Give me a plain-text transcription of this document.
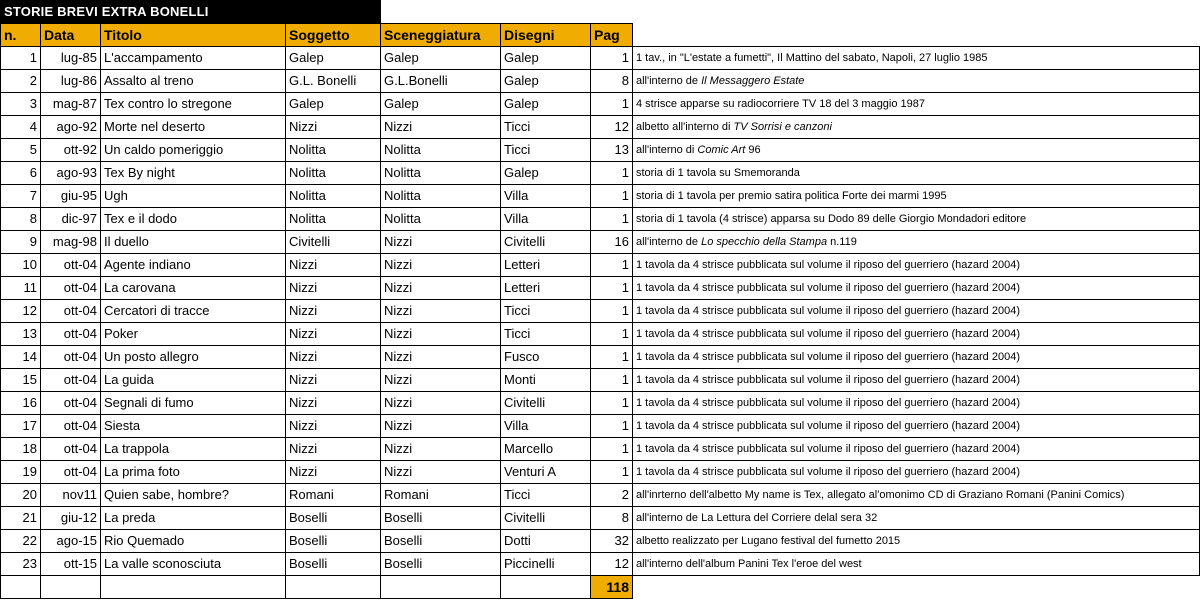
STORIE BREVI EXTRA BONELLI							
n.	Data	Titolo	Soggetto	Sceneggiatura	Disegni	Pag	
1	lug-85	L'accampamento	Galep	Galep	Galep	1	1 tav., in "L'estate a fumetti", Il Mattino del sabato, Napoli, 27 luglio 1985
2	lug-86	Assalto al treno	G.L. Bonelli	G.L.Bonelli	Galep	8	all'interno de Il Messaggero Estate
3	mag-87	Tex contro lo stregone	Galep	Galep	Galep	1	4 strisce apparse su radiocorriere TV 18 del 3 maggio 1987
4	ago-92	Morte nel deserto	Nizzi	Nizzi	Ticci	12	albetto all'interno di TV Sorrisi e canzoni
5	ott-92	Un caldo pomeriggio	Nolitta	Nolitta	Ticci	13	all'interno di Comic Art 96
6	ago-93	Tex By night	Nolitta	Nolitta	Galep	1	storia di 1 tavola su Smemoranda
7	giu-95	Ugh	Nolitta	Nolitta	Villa	1	storia di 1 tavola per premio satira politica Forte dei marmi 1995
8	dic-97	Tex e il dodo	Nolitta	Nolitta	Villa	1	storia di 1 tavola (4 strisce) apparsa su Dodo 89 delle Giorgio Mondadori editore
9	mag-98	Il duello	Civitelli	Nizzi	Civitelli	16	all'interno de Lo specchio della Stampa n.119
10	ott-04	Agente indiano	Nizzi	Nizzi	Letteri	1	1 tavola da 4 strisce pubblicata sul volume il riposo del guerriero (hazard 2004)
11	ott-04	La carovana	Nizzi	Nizzi	Letteri	1	1 tavola da 4 strisce pubblicata sul volume il riposo del guerriero (hazard 2004)
12	ott-04	Cercatori di tracce	Nizzi	Nizzi	Ticci	1	1 tavola da 4 strisce pubblicata sul volume il riposo del guerriero (hazard 2004)
13	ott-04	Poker	Nizzi	Nizzi	Ticci	1	1 tavola da 4 strisce pubblicata sul volume il riposo del guerriero (hazard 2004)
14	ott-04	Un posto allegro	Nizzi	Nizzi	Fusco	1	1 tavola da 4 strisce pubblicata sul volume il riposo del guerriero (hazard 2004)
15	ott-04	La guida	Nizzi	Nizzi	Monti	1	1 tavola da 4 strisce pubblicata sul volume il riposo del guerriero (hazard 2004)
16	ott-04	Segnali di fumo	Nizzi	Nizzi	Civitelli	1	1 tavola da 4 strisce pubblicata sul volume il riposo del guerriero (hazard 2004)
17	ott-04	Siesta	Nizzi	Nizzi	Villa	1	1 tavola da 4 strisce pubblicata sul volume il riposo del guerriero (hazard 2004)
18	ott-04	La trappola	Nizzi	Nizzi	Marcello	1	1 tavola da 4 strisce pubblicata sul volume il riposo del guerriero (hazard 2004)
19	ott-04	La prima foto	Nizzi	Nizzi	Venturi A	1	1 tavola da 4 strisce pubblicata sul volume il riposo del guerriero (hazard 2004)
20	nov11	Quien sabe, hombre?	Romani	Romani	Ticci	2	all'inrterno dell'albetto My name is Tex, allegato al'omonimo CD di Graziano Romani (Panini Comics)
21	giu-12	La preda	Boselli	Boselli	Civitelli	8	all'interno de La Lettura del Corriere delal sera 32
22	ago-15	Rio Quemado	Boselli	Boselli	Dotti	32	albetto realizzato per Lugano festival del fumetto 2015
23	ott-15	La valle sconosciuta	Boselli	Boselli	Piccinelli	12	all'interno dell'album Panini Tex l'eroe del west
						118	
